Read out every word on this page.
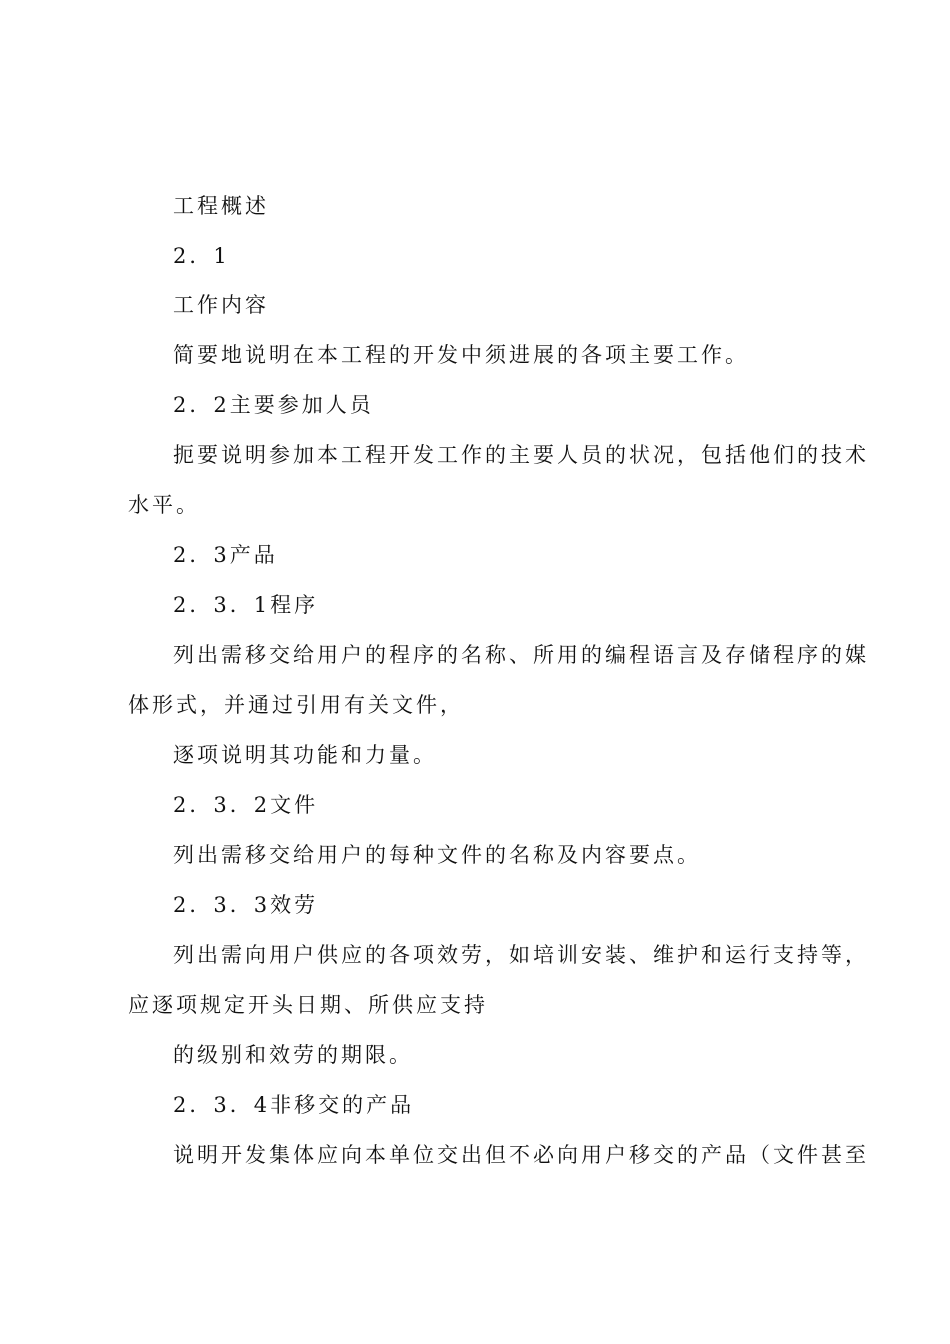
工程概述
2．1
工作内容
简要地说明在本工程的开发中须进展的各项主要工作。
2．2主要参加人员
扼要说明参加本工程开发工作的主要人员的状况，包括他们的技术
水平。
2．3产品
2．3．1程序
列出需移交给用户的程序的名称、所用的编程语言及存储程序的媒
体形式，并通过引用有关文件，
逐项说明其功能和力量。
2．3．2文件
列出需移交给用户的每种文件的名称及内容要点。
2．3．3效劳
列出需向用户供应的各项效劳，如培训安装、维护和运行支持等，
应逐项规定开头日期、所供应支持
的级别和效劳的期限。
2．3．4非移交的产品
说明开发集体应向本单位交出但不必向用户移交的产品（文件甚至
